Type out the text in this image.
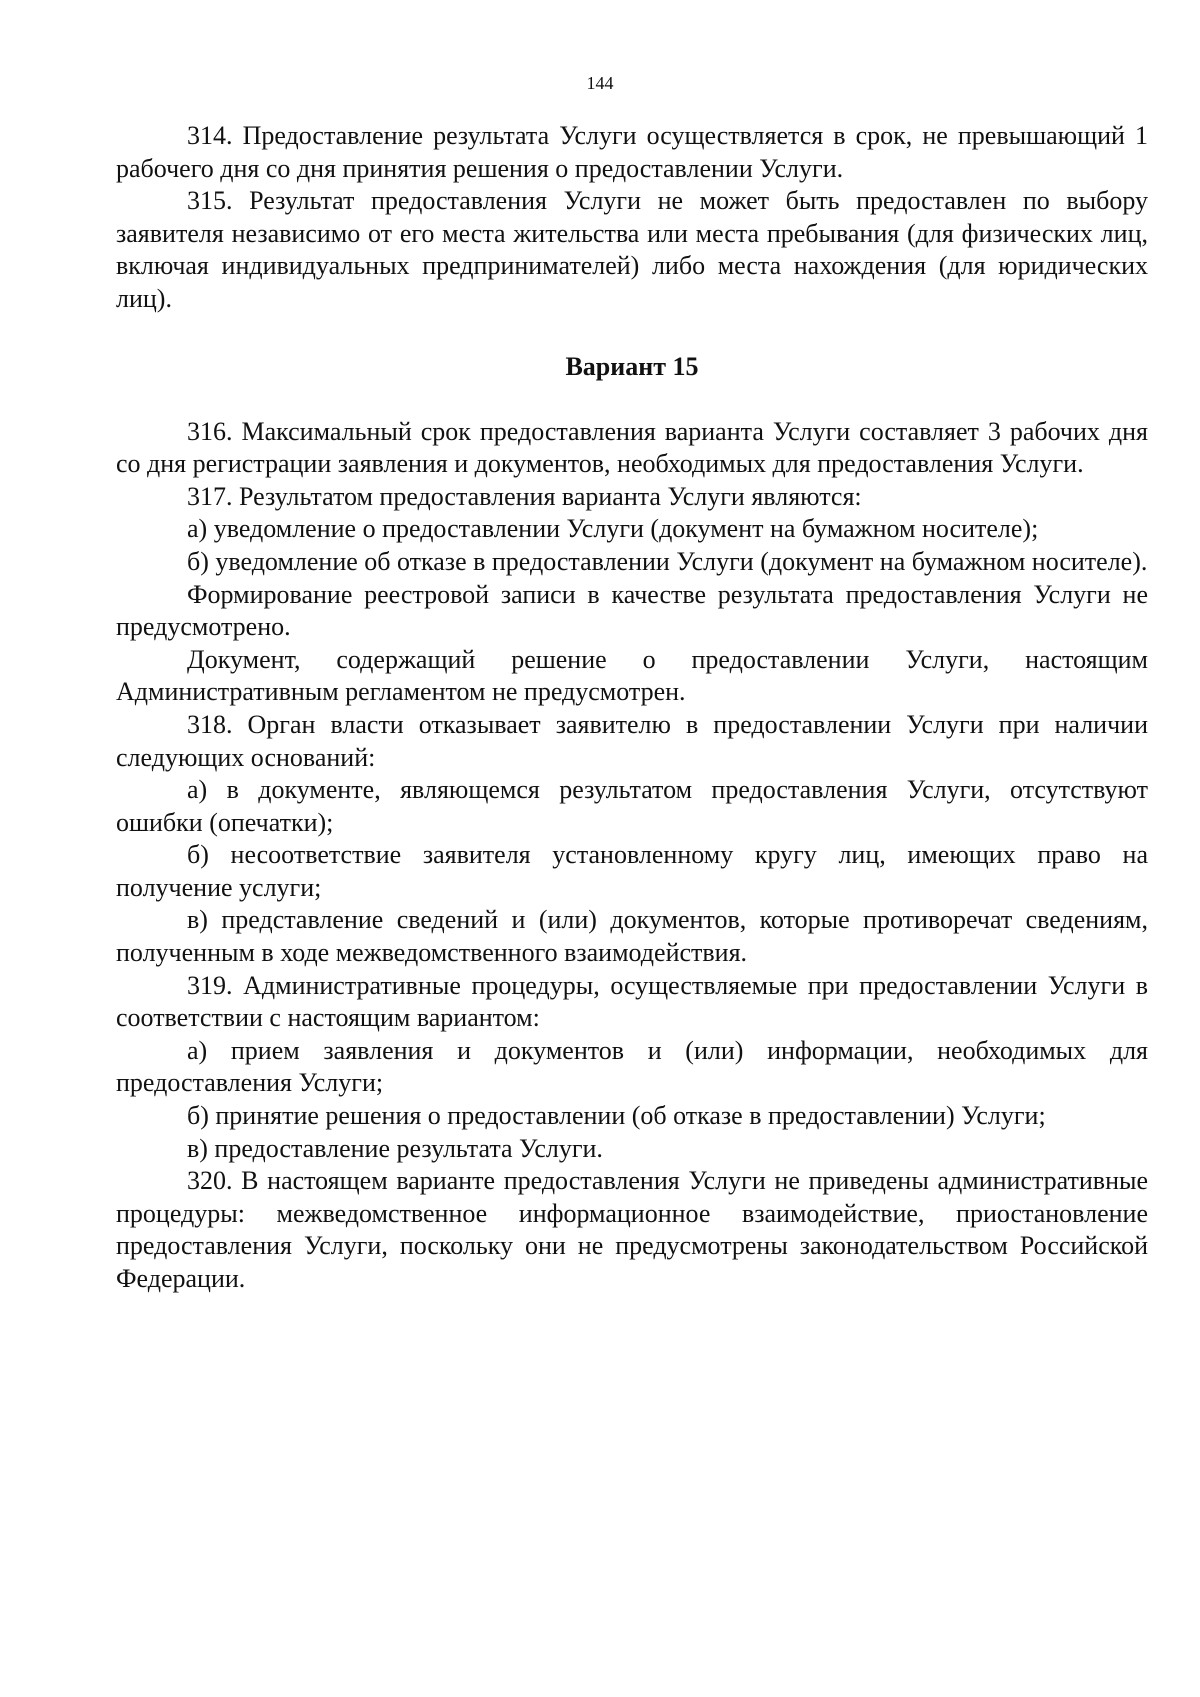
144

314. Предоставление результата Услуги осуществляется в срок, не превышающий 1 рабочего дня со дня принятия решения о предоставлении Услуги.

315. Результат предоставления Услуги не может быть предоставлен по выбору заявителя независимо от его места жительства или места пребывания (для физических лиц, включая индивидуальных предпринимателей) либо места нахождения (для юридических лиц).

Вариант 15

316. Максимальный срок предоставления варианта Услуги составляет 3 рабочих дня со дня регистрации заявления и документов, необходимых для предоставления Услуги.

317. Результатом предоставления варианта Услуги являются:

а) уведомление о предоставлении Услуги (документ на бумажном носителе);

б) уведомление об отказе в предоставлении Услуги (документ на бумажном носителе).

Формирование реестровой записи в качестве результата предоставления Услуги не предусмотрено.

Документ, содержащий решение о предоставлении Услуги, настоящим Административным регламентом не предусмотрен.

318. Орган власти отказывает заявителю в предоставлении Услуги при наличии следующих оснований:

а) в документе, являющемся результатом предоставления Услуги, отсутствуют ошибки (опечатки);

б) несоответствие заявителя установленному кругу лиц, имеющих право на получение услуги;

в) представление сведений и (или) документов, которые противоречат сведениям, полученным в ходе межведомственного взаимодействия.

319. Административные процедуры, осуществляемые при предоставлении Услуги в соответствии с настоящим вариантом:

а) прием заявления и документов и (или) информации, необходимых для предоставления Услуги;

б) принятие решения о предоставлении (об отказе в предоставлении) Услуги;

в) предоставление результата Услуги.

320. В настоящем варианте предоставления Услуги не приведены административные процедуры: межведомственное информационное взаимодействие, приостановление предоставления Услуги, поскольку они не предусмотрены законодательством Российской Федерации.
